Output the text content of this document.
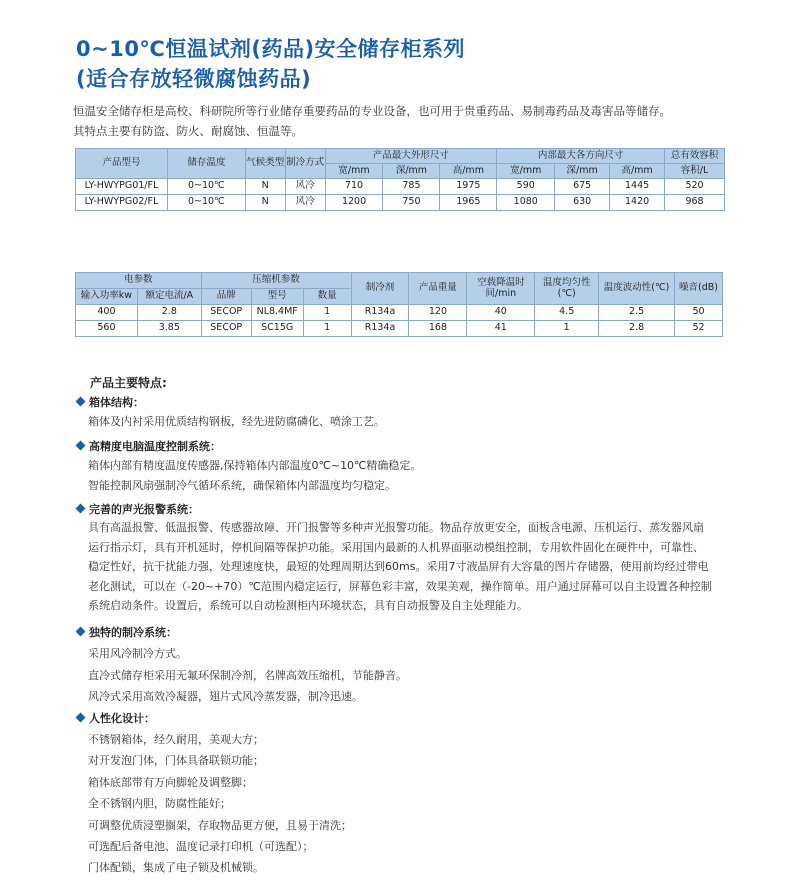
0~10℃恒温试剂(药品)安全储存柜系列
(适合存放轻微腐蚀药品)
恒温安全储存柜是高校、科研院所等行业储存重要药品的专业设备，也可用于贵重药品、易制毒药品及毒害品等储存。
其特点主要有防盗、防火、耐腐蚀、恒温等。
产品型号	储存温度	气候类型	制冷方式	产品最大外形尺寸			内部最大各方向尺寸			总有效容积
				宽/mm	深/mm	高/mm	宽/mm	深/mm	高/mm	容积/L
LY-HWYPG01/FL	0~10℃	N	风冷	710	785	1975	590	675	1445	520
LY-HWYPG02/FL	0~10℃	N	风冷	1200	750	1965	1080	630	1420	968
电参数		压缩机参数			制冷剂	产品重量	空载降温时间/min	温度均匀性(℃)	温度波动性(℃)	噪音(dB)
输入功率kw	额定电流/A	品牌	型号	数量						
400	2.8	SECOP	NL8.4MF	1	R134a	120	40	4.5	2.5	50
560	3.85	SECOP	SC15G	1	R134a	168	41	1	2.8	52
产品主要特点:
箱体结构：
箱体及内衬采用优质结构钢板，经先进防腐磷化、喷涂工艺。
高精度电脑温度控制系统：
箱体内部有精度温度传感器,保持箱体内部温度0℃~10℃精确稳定。
智能控制风扇强制冷气循环系统，确保箱体内部温度均匀稳定。
完善的声光报警系统：
具有高温报警、低温报警、传感器故障、开门报警等多种声光报警功能。物品存放更安全，面板含电源、压机运行、蒸发器风扇
运行指示灯，具有开机延时，停机间隔等保护功能。采用国内最新的人机界面驱动模组控制，专用软件固化在硬件中，可靠性、
稳定性好，抗干扰能力强，处理速度快，最短的处理周期达到60ms。采用7寸液晶屏有大容量的图片存储器，使用前均经过带电
老化测试，可以在（-20~+70）℃范围内稳定运行，屏幕色彩丰富，效果美观，操作简单。用户通过屏幕可以自主设置各种控制
系统启动条件。设置后，系统可以自动检测柜内环境状态，具有自动报警及自主处理能力。
独特的制冷系统：
采用风冷制冷方式。
直冷式储存柜采用无氟环保制冷剂，名牌高效压缩机，节能静音。
风冷式采用高效冷凝器，翅片式风冷蒸发器，制冷迅速。
人性化设计：
不锈钢箱体，经久耐用，美观大方；
对开发泡门体，门体具备联锁功能；
箱体底部带有万向脚轮及调整脚；
全不锈钢内胆，防腐性能好；
可调整优质浸塑搁架，存取物品更方便，且易于清洗；
可选配后备电池、温度记录打印机（可选配）；
门体配锁，集成了电子锁及机械锁。
